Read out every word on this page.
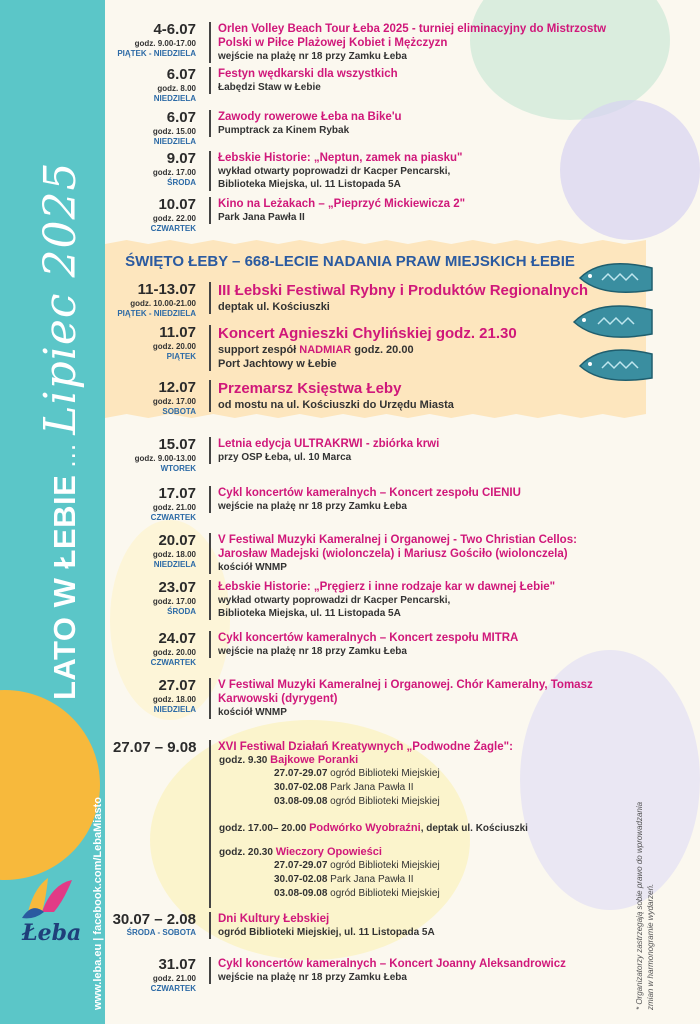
ŚWIĘTO ŁEBY – 668-LECIE NADANIA PRAW MIEJSKICH ŁEBIE
LATO W ŁEBIE…Lipiec 2025
www.leba.eu | facebook.com/LebaMiasto
Łeba
4-6.07
godz. 9.00-17.00
PIĄTEK - NIEDZIELA
Orlen Volley Beach Tour Łeba 2025 - turniej eliminacyjny do Mistrzostw Polski w Piłce Plażowej Kobiet i Mężczyzn
wejście na plażę nr 18 przy Zamku Łeba
6.07
godz. 8.00
NIEDZIELA
Festyn wędkarski dla wszystkich
Łabędzi Staw w Łebie
6.07
godz. 15.00
NIEDZIELA
Zawody rowerowe Łeba na Bike'u
Pumptrack za Kinem Rybak
9.07
godz. 17.00
ŚRODA
Łebskie Historie: „Neptun, zamek na piasku"
wykład otwarty poprowadzi dr Kacper Pencarski,
Biblioteka Miejska, ul. 11 Listopada 5A
10.07
godz. 22.00
CZWARTEK
Kino na Leżakach – „Pieprzyć Mickiewicza 2"
Park Jana Pawła II
11-13.07
godz. 10.00-21.00
PIĄTEK - NIEDZIELA
III Łebski Festiwal Rybny i Produktów Regionalnych
deptak ul. Kościuszki
11.07
godz. 20.00
PIĄTEK
Koncert Agnieszki Chylińskiej godz. 21.30
support zespół NADMIAR godz. 20.00
Port Jachtowy w Łebie
12.07
godz. 17.00
SOBOTA
Przemarsz Księstwa Łeby
od mostu na ul. Kościuszki do Urzędu Miasta
15.07
godz. 9.00-13.00
WTOREK
Letnia edycja ULTRAKRWI - zbiórka krwi
przy OSP Łeba, ul. 10 Marca
17.07
godz. 21.00
CZWARTEK
Cykl koncertów kameralnych – Koncert zespołu CIENIU
wejście na plażę nr 18 przy Zamku Łeba
20.07
godz. 18.00
NIEDZIELA
V Festiwal Muzyki Kameralnej i Organowej - Two Christian Cellos: Jarosław Madejski (wiolonczela) i Mariusz Gościło (wiolonczela)
kościół WNMP
23.07
godz. 17.00
ŚRODA
Łebskie Historie: „Pręgierz i inne rodzaje kar w dawnej Łebie"
wykład otwarty poprowadzi dr Kacper Pencarski,
Biblioteka Miejska, ul. 11 Listopada 5A
24.07
godz. 20.00
CZWARTEK
Cykl koncertów kameralnych – Koncert zespołu MITRA
wejście na plażę nr 18 przy Zamku Łeba
27.07
godz. 18.00
NIEDZIELA
V Festiwal Muzyki Kameralnej i Organowej. Chór Kameralny, Tomasz Karwowski (dyrygent)
kościół WNMP
27.07 – 9.08 XVI Festiwal Działań Kreatywnych „Podwodne Żagle":
godz. 9.30 Bajkowe Poranki
27.07-29.07 ogród Biblioteki Miejskiej
30.07-02.08 Park Jana Pawła II
03.08-09.08 ogród Biblioteki Miejskiej
godz. 17.00– 20.00 Podwórko Wyobraźni, deptak ul. Kościuszki
godz. 20.30 Wieczory Opowieści
27.07-29.07 ogród Biblioteki Miejskiej
30.07-02.08 Park Jana Pawła II
03.08-09.08 ogród Biblioteki Miejskiej
30.07 – 2.08
ŚRODA - SOBOTA
Dni Kultury Łebskiej
ogród Biblioteki Miejskiej, ul. 11 Listopada 5A
31.07
godz. 21.00
CZWARTEK
Cykl koncertów kameralnych – Koncert Joanny Aleksandrowicz
wejście na plażę nr 18 przy Zamku Łeba	* Organizatorzy zastrzegają sobie prawo do wprowadzania zmian w harmonogramie wydarzeń.
